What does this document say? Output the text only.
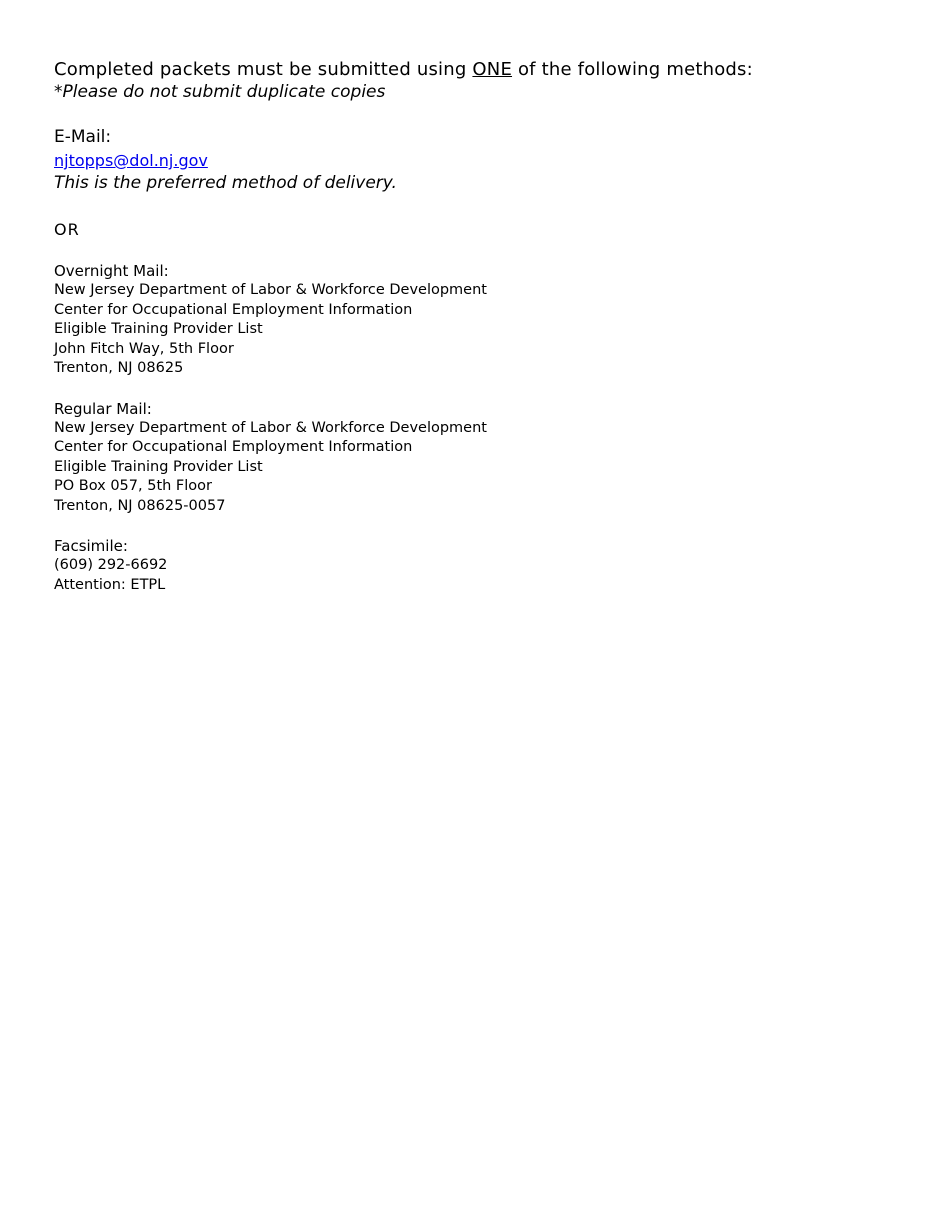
Completed packets must be submitted using ONE of the following methods:

*Please do not submit duplicate copies

E-Mail:

njtopps@dol.nj.gov

This is the preferred method of delivery.

OR

Overnight Mail:

New Jersey Department of Labor & Workforce Development

Center for Occupational Employment Information

Eligible Training Provider List

John Fitch Way, 5th Floor

Trenton, NJ 08625

Regular Mail:

New Jersey Department of Labor & Workforce Development

Center for Occupational Employment Information

Eligible Training Provider List

PO Box 057, 5th Floor

Trenton, NJ 08625-0057

Facsimile:

(609) 292-6692

Attention: ETPL
